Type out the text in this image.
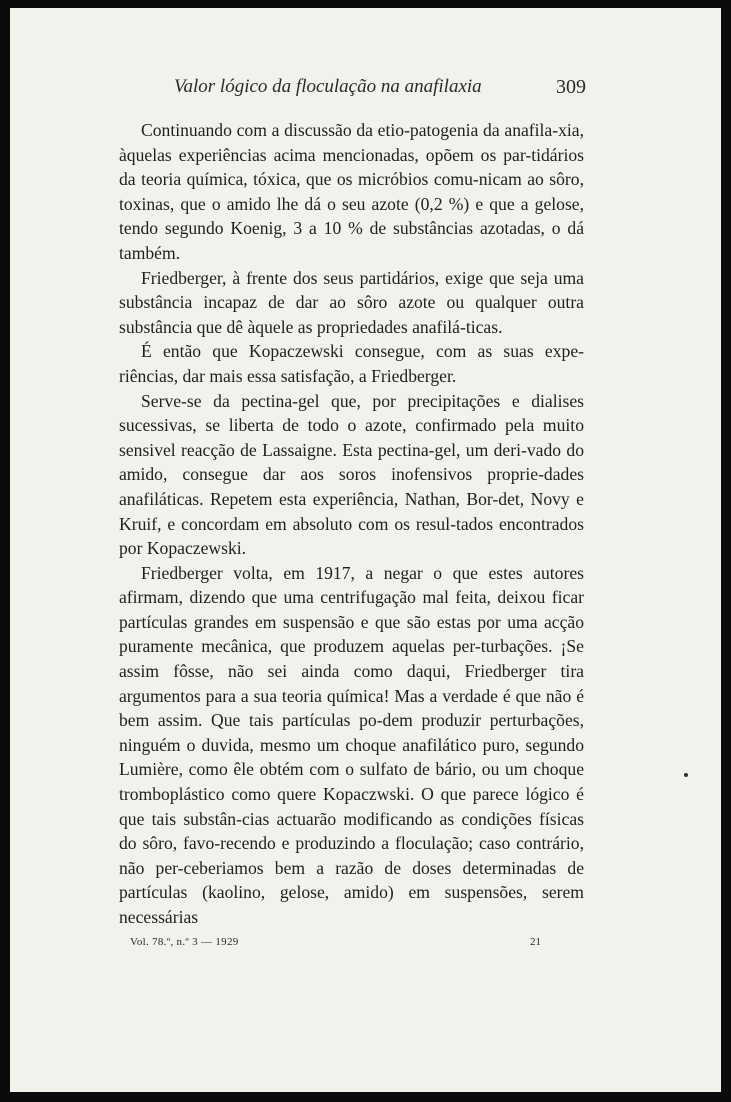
Valor lógico da floculação na anafilaxia	309

Continuando com a discussão da etio-patogenia da anafila-xia, àquelas experiências acima mencionadas, opõem os par-tidários da teoria química, tóxica, que os micróbios comu-nicam ao sôro, toxinas, que o amido lhe dá o seu azote (0,2 %) e que a gelose, tendo segundo Koenig, 3 a 10 % de substâncias azotadas, o dá também.

Friedberger, à frente dos seus partidários, exige que seja uma substância incapaz de dar ao sôro azote ou qualquer outra substância que dê àquele as propriedades anafilá-ticas.

É então que Kopaczewski consegue, com as suas expe-riências, dar mais essa satisfação, a Friedberger.

Serve-se da pectina-gel que, por precipitações e dialises sucessivas, se liberta de todo o azote, confirmado pela muito sensivel reacção de Lassaigne. Esta pectina-gel, um deri-vado do amido, consegue dar aos soros inofensivos proprie-dades anafiláticas. Repetem esta experiência, Nathan, Bor-det, Novy e Kruif, e concordam em absoluto com os resul-tados encontrados por Kopaczewski.

Friedberger volta, em 1917, a negar o que estes autores afirmam, dizendo que uma centrifugação mal feita, deixou ficar partículas grandes em suspensão e que são estas por uma acção puramente mecânica, que produzem aquelas per-turbações. ¡Se assim fôsse, não sei ainda como daqui, Friedberger tira argumentos para a sua teoria química! Mas a verdade é que não é bem assim. Que tais partículas po-dem produzir perturbações, ninguém o duvida, mesmo um choque anafilático puro, segundo Lumière, como êle obtém com o sulfato de bário, ou um choque tromboplástico como quere Kopaczwski. O que parece lógico é que tais substân-cias actuarão modificando as condições físicas do sôro, favo-recendo e produzindo a floculação; caso contrário, não per-ceberiamos bem a razão de doses determinadas de partículas (kaolino, gelose, amido) em suspensões, serem necessárias

Vol. 78.º, n.º 3 — 1929	21
